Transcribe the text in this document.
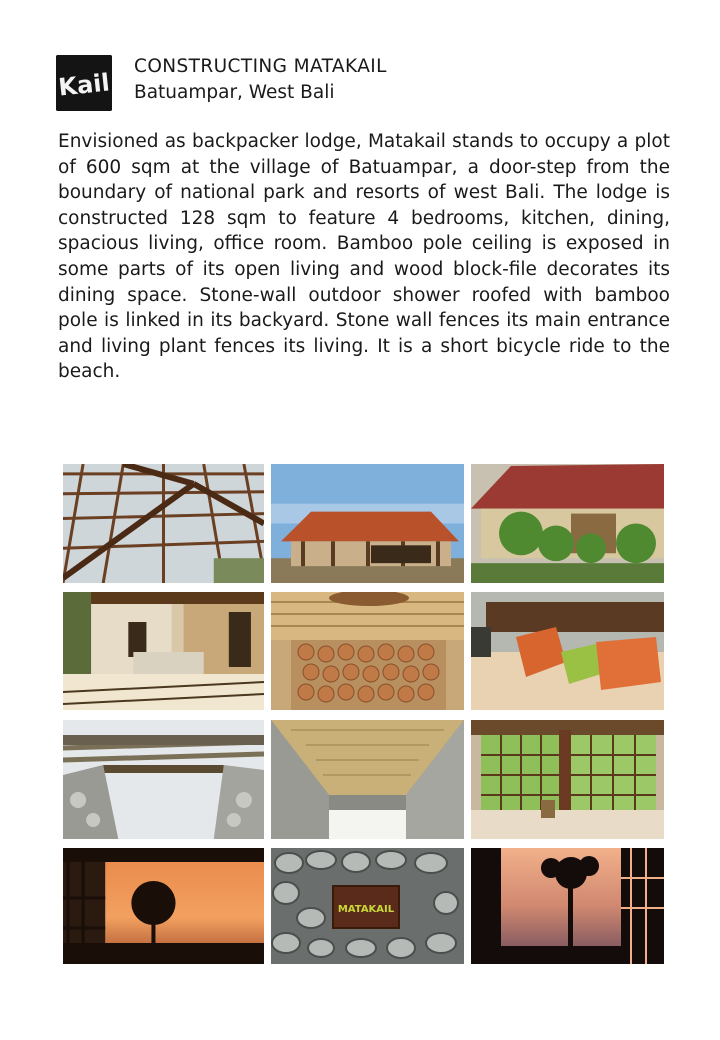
Kail
CONSTRUCTING MATAKAIL
Batuampar, West Bali

Envisioned as backpacker lodge, Matakail stands to occupy a plot of 600 sqm at the village of Batuampar, a door-step from the boundary of national park and resorts of west Bali. The lodge is constructed 128 sqm to feature 4 bedrooms, kitchen, dining, spacious living, office room. Bamboo pole ceiling is exposed in some parts of its open living and wood block-file decorates its dining space. Stone-wall outdoor shower roofed with bamboo pole is linked in its backyard. Stone wall fences its main entrance and living plant fences its living. It is a short bicycle ride to the beach.

MATAKAIL
